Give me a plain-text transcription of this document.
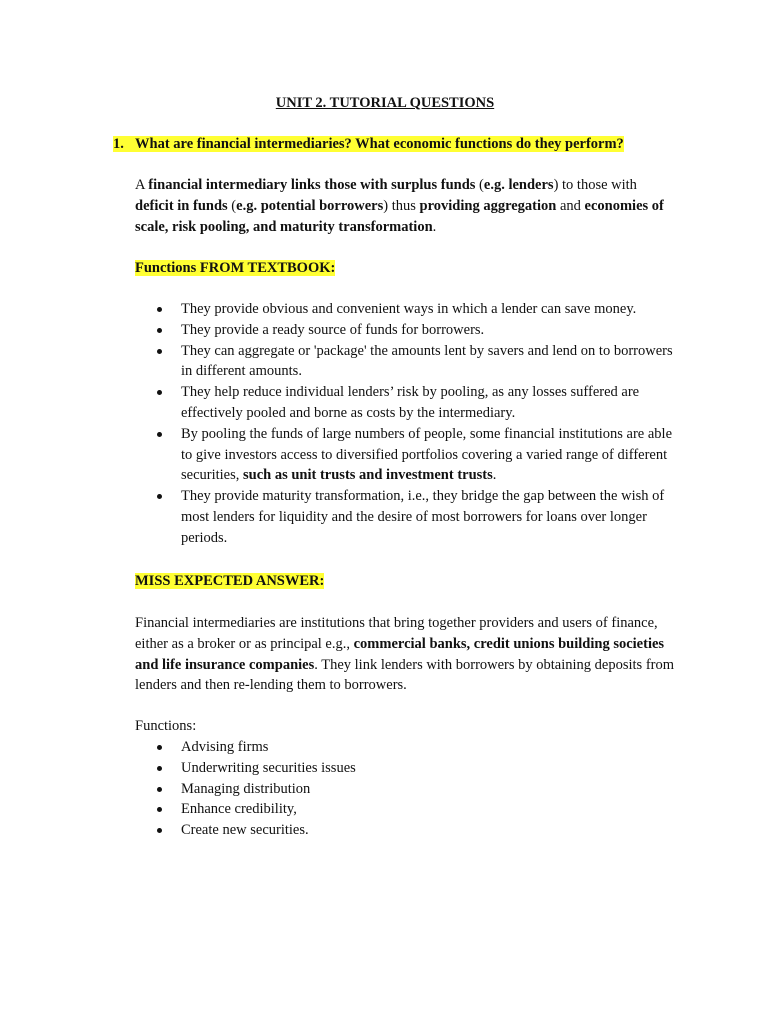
UNIT 2. TUTORIAL QUESTIONS
1. What are financial intermediaries? What economic functions do they perform?
A financial intermediary links those with surplus funds (e.g. lenders) to those with deficit in funds (e.g. potential borrowers) thus providing aggregation and economies of scale, risk pooling, and maturity transformation.
Functions FROM TEXTBOOK:
They provide obvious and convenient ways in which a lender can save money.
They provide a ready source of funds for borrowers.
They can aggregate or 'package' the amounts lent by savers and lend on to borrowers in different amounts.
They help reduce individual lenders’ risk by pooling, as any losses suffered are effectively pooled and borne as costs by the intermediary.
By pooling the funds of large numbers of people, some financial institutions are able to give investors access to diversified portfolios covering a varied range of different securities, such as unit trusts and investment trusts.
They provide maturity transformation, i.e., they bridge the gap between the wish of most lenders for liquidity and the desire of most borrowers for loans over longer periods.
MISS EXPECTED ANSWER:
Financial intermediaries are institutions that bring together providers and users of finance, either as a broker or as principal e.g., commercial banks, credit unions building societies and life insurance companies. They link lenders with borrowers by obtaining deposits from lenders and then re-lending them to borrowers.
Functions:
Advising firms
Underwriting securities issues
Managing distribution
Enhance credibility,
Create new securities.
